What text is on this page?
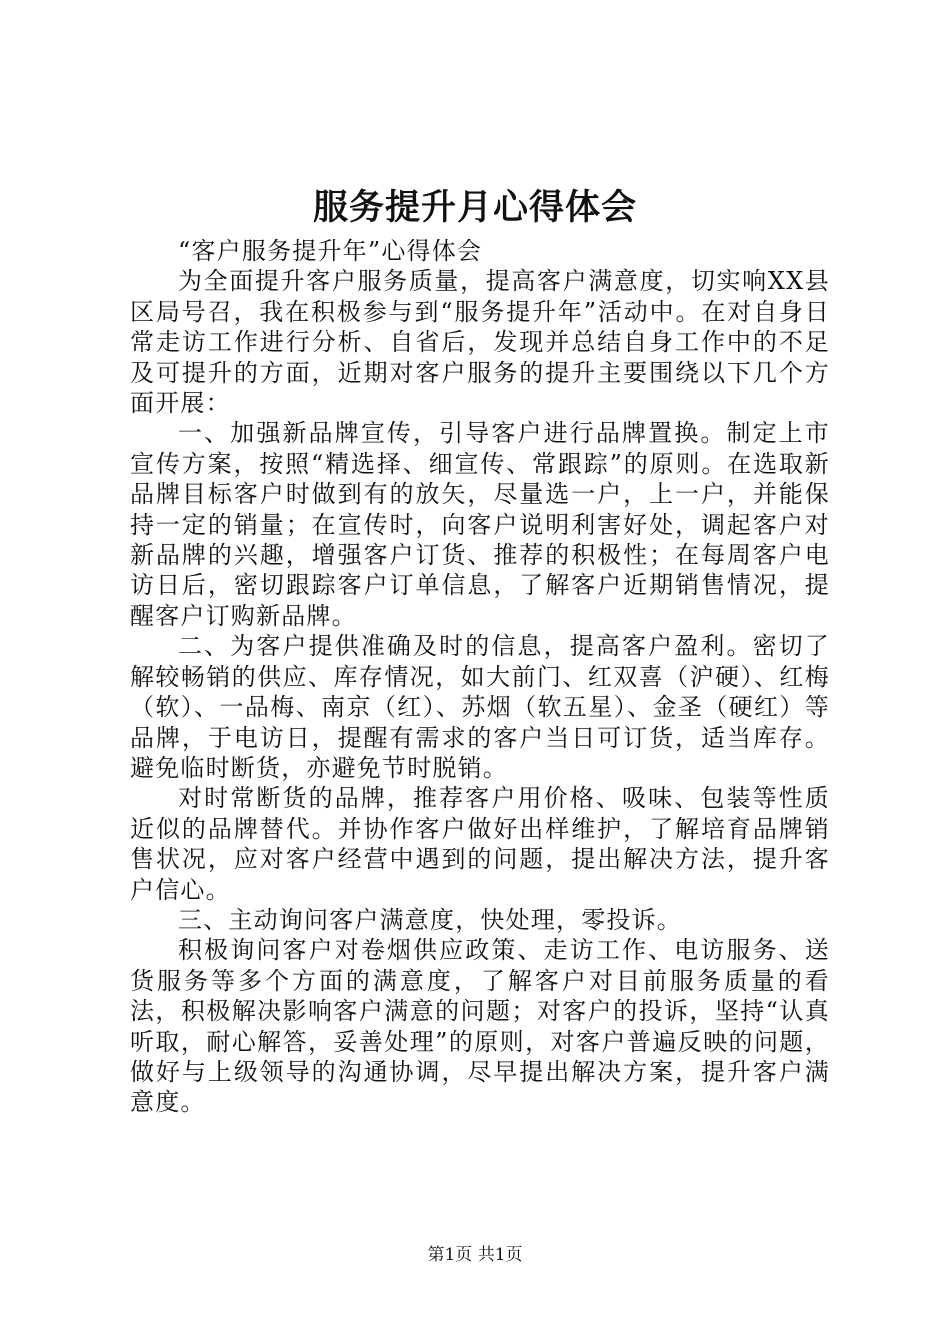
服务提升月心得体会

“客户服务提升年”心得体会

为全面提升客户服务质量，提高客户满意度，切实响XX县区局号召，我在积极参与到“服务提升年”活动中。在对自身日常走访工作进行分析、自省后，发现并总结自身工作中的不足及可提升的方面，近期对客户服务的提升主要围绕以下几个方面开展：

一、加强新品牌宣传，引导客户进行品牌置换。制定上市宣传方案，按照“精选择、细宣传、常跟踪”的原则。在选取新品牌目标客户时做到有的放矢，尽量选一户，上一户，并能保持一定的销量；在宣传时，向客户说明利害好处，调起客户对新品牌的兴趣，增强客户订货、推荐的积极性；在每周客户电访日后，密切跟踪客户订单信息，了解客户近期销售情况，提醒客户订购新品牌。

二、为客户提供准确及时的信息，提高客户盈利。密切了解较畅销的供应、库存情况，如大前门、红双喜（沪硬）、红梅（软）、一品梅、南京（红）、苏烟（软五星）、金圣（硬红）等品牌，于电访日，提醒有需求的客户当日可订货，适当库存。避免临时断货，亦避免节时脱销。

对时常断货的品牌，推荐客户用价格、吸味、包装等性质近似的品牌替代。并协作客户做好出样维护，了解培育品牌销售状况，应对客户经营中遇到的问题，提出解决方法，提升客户信心。

三、主动询问客户满意度，快处理，零投诉。

积极询问客户对卷烟供应政策、走访工作、电访服务、送货服务等多个方面的满意度，了解客户对目前服务质量的看法，积极解决影响客户满意的问题；对客户的投诉，坚持“认真听取，耐心解答，妥善处理”的原则，对客户普遍反映的问题，做好与上级领导的沟通协调，尽早提出解决方案，提升客户满意度。

第1页 共1页
